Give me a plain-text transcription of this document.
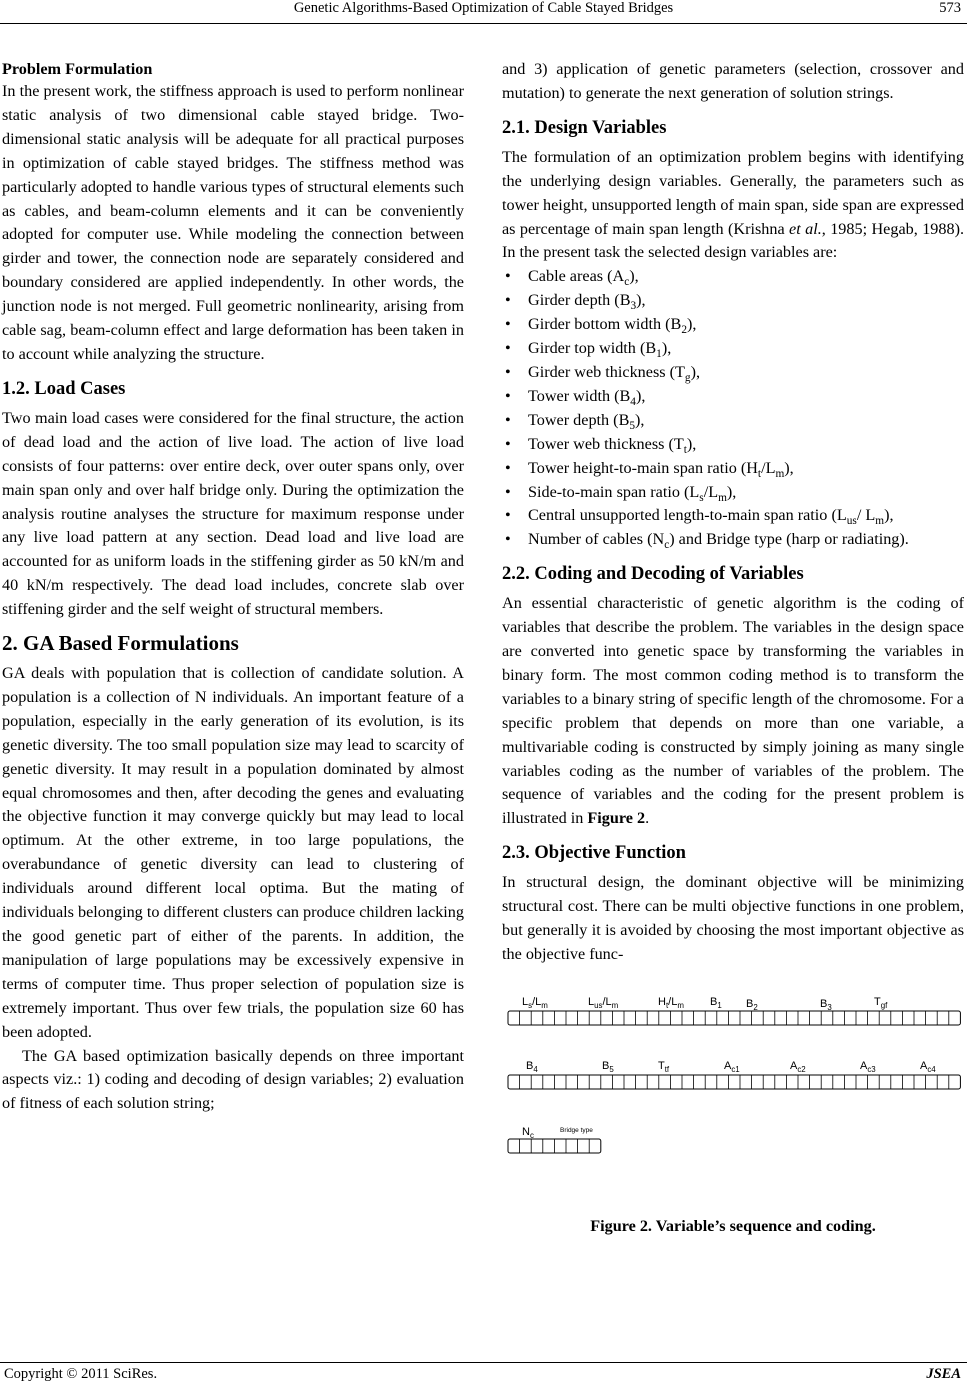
Genetic Algorithms-Based Optimization of Cable Stayed Bridges	573

Problem Formulation

In the present work, the stiffness approach is used to perform nonlinear static analysis of two dimensional cable stayed bridge. Two-dimensional static analysis will be adequate for all practical purposes in optimization of cable stayed bridges. The stiffness method was particularly adopted to handle various types of structural elements such as cables, and beam-column elements and it can be conveniently adopted for computer use. While modeling the connection between girder and tower, the connection node are separately considered and boundary considered are applied independently. In other words, the junction node is not merged. Full geometric nonlinearity, arising from cable sag, beam-column effect and large deformation has been taken in to account while analyzing the structure.

1.2. Load Cases

Two main load cases were considered for the final structure, the action of dead load and the action of live load. The action of live load consists of four patterns: over entire deck, over outer spans only, over main span only and over half bridge only. During the optimization the analysis routine analyses the structure for maximum response under any live load pattern at any section. Dead load and live load are accounted for as uniform loads in the stiffening girder as 50 kN/m and 40 kN/m respectively. The dead load includes, concrete slab over stiffening girder and the self weight of structural members.

2. GA Based Formulations

GA deals with population that is collection of candidate solution. A population is a collection of N individuals. An important feature of a population, especially in the early generation of its evolution, is its genetic diversity. The too small population size may lead to scarcity of genetic diversity. It may result in a population dominated by almost equal chromosomes and then, after decoding the genes and evaluating the objective function it may converge quickly but may lead to local optimum. At the other extreme, in too large populations, the overabundance of genetic diversity can lead to clustering of individuals around different local optima. But the mating of individuals belonging to different clusters can produce children lacking the good genetic part of either of the parents. In addition, the manipulation of large populations may be excessively expensive in terms of computer time. Thus proper selection of population size is extremely important. Thus over few trials, the population size 60 has been adopted.

The GA based optimization basically depends on three important aspects viz.: 1) coding and decoding of design variables; 2) evaluation of fitness of each solution string;

and 3) application of genetic parameters (selection, crossover and mutation) to generate the next generation of solution strings.

2.1. Design Variables

The formulation of an optimization problem begins with identifying the underlying design variables. Generally, the parameters such as tower height, unsupported length of main span, side span are expressed as percentage of main span length (Krishna et al., 1985; Hegab, 1988). In the present task the selected design variables are:

• Cable areas $(A_c)$,
• Girder depth $(B_3)$,
• Girder bottom width $(B_2)$,
• Girder top width $(B_1)$,
• Girder web thickness $(T_g)$,
• Tower width $(B_4)$,
• Tower depth $(B_5)$,
• Tower web thickness $(T_t)$,
• Tower height-to-main span ratio $(H_t/L_m)$,
• Side-to-main span ratio $(L_s/L_m)$,
• Central unsupported length-to-main span ratio ($L_{us}/$ $L_m$),
• Number of cables $(N_c)$ and Bridge type (harp or radiating).
2.2. Coding and Decoding of Variables

An essential characteristic of genetic algorithm is the coding of variables that describe the problem. The variables in the design space are converted into genetic space by transforming the variables in binary form. The most common coding method is to transform the variables to a binary string of specific length of the chromosome. For a specific problem that depends on more than one variable, a multivariable coding is constructed by simply joining as many single variables coding as the number of variables of the problem. The sequence of variables and the coding for the present problem is illustrated in Figure 2.

2.3. Objective Function

In structural design, the dominant objective will be minimizing structural cost. There can be multi objective functions in one problem, but generally it is avoided by choosing the most important objective as the objective func-

$L_s/L_m$	$L_{us}/L_m$	$H_t/L_m$ $B_1$ $B_2$	$B_3$	$T_{gf}$
$B_4$	$B_5$	$T_{tf}$	$A_{c1}$	$A_{c2}$	$A_{c3}$	$A_{c4}$
$N_c$
Bridge type

Figure 2. Variable’s sequence and coding.

Copyright © 2011 SciRes.	JSEA
